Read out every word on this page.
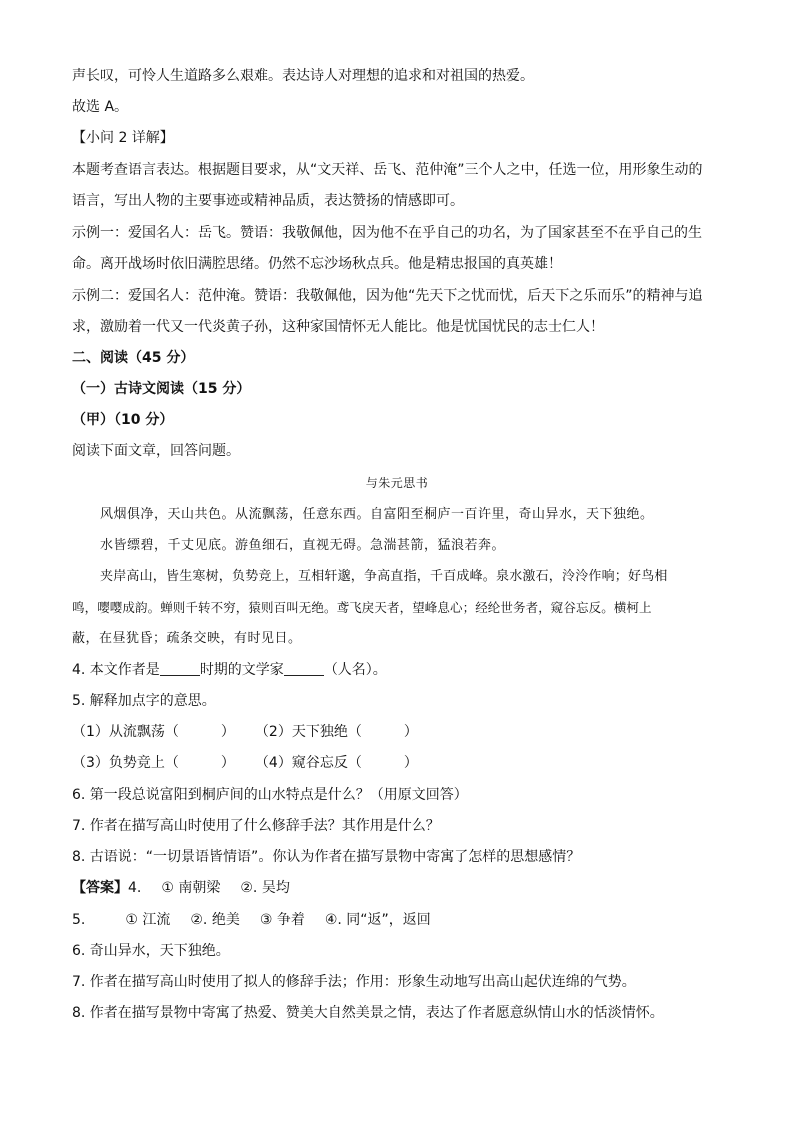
声长叹，可怜人生道路多么艰难。表达诗人对理想的追求和对祖国的热爱。
故选 A。
【小问 2 详解】
本题考查语言表达。根据题目要求，从“文天祥、岳飞、范仲淹”三个人之中，任选一位，用形象生动的
语言，写出人物的主要事迹或精神品质，表达赞扬的情感即可。
示例一：爱国名人：岳飞。赞语：我敬佩他，因为他不在乎自己的功名，为了国家甚至不在乎自己的生
命。离开战场时依旧满腔思绪。仍然不忘沙场秋点兵。他是精忠报国的真英雄！
示例二：爱国名人：范仲淹。赞语：我敬佩他，因为他“先天下之忧而忧，后天下之乐而乐”的精神与追
求，激励着一代又一代炎黄子孙，这种家国情怀无人能比。他是忧国忧民的志士仁人！
二、阅读（45 分）
（一）古诗文阅读（15 分）
（甲）（10 分）
阅读下面文章，回答问题。
与朱元思书
风烟俱净，天山共色。从流飘荡，任意东西。自富阳至桐庐一百许里，奇山异水，天下独绝。
水皆缥碧，千丈见底。游鱼细石，直视无碍。急湍甚箭，猛浪若奔。
夹岸高山，皆生寒树，负势竞上，互相轩邈，争高直指，千百成峰。泉水激石，泠泠作响；好鸟相
鸣，嘤嘤成韵。蝉则千转不穷，猿则百叫无绝。鸢飞戾天者，望峰息心；经纶世务者，窥谷忘反。横柯上
蔽，在昼犹昏；疏条交映，有时见日。
4. 本文作者是	时期的文学家	（人名）。
5. 解释加点字的意思。
（1）从流飘荡（　　　） （2）天下独绝（　　　）
（3）负势竞上（　　　） （4）窥谷忘反（　　　）
6. 第一段总说富阳到桐庐间的山水特点是什么？（用原文回答）
7. 作者在描写高山时使用了什么修辞手法？其作用是什么？
8. 古语说：“一切景语皆情语”。你认为作者在描写景物中寄寓了怎样的思想感情？
【答案】4. ① 南朝梁 ②. 吴均
5.	① 江流 ②. 绝美 ③ 争着 ④. 同“返”，返回
6. 奇山异水，天下独绝。
7. 作者在描写高山时使用了拟人的修辞手法；作用：形象生动地写出高山起伏连绵的气势。
8. 作者在描写景物中寄寓了热爱、赞美大自然美景之情，表达了作者愿意纵情山水的恬淡情怀。
